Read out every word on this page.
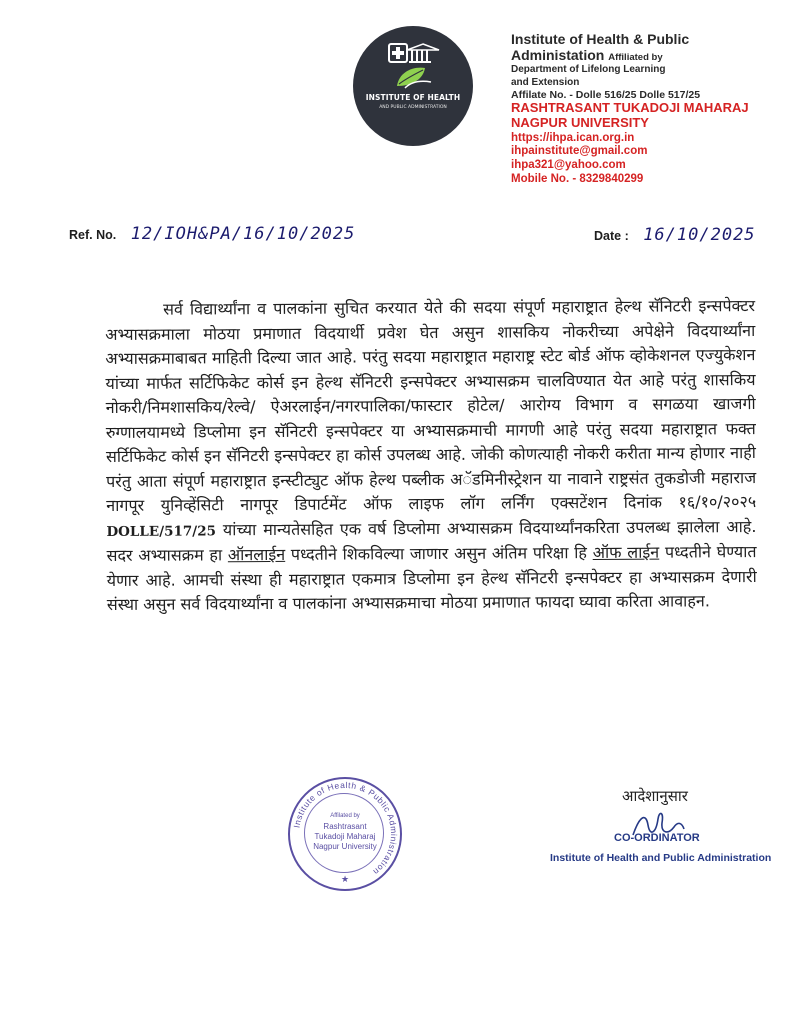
INSTITUTE OF HEALTH
AND PUBLIC ADMINISTRATION
Institute of Health & Public
Administation Affiliated by
Department of Lifelong Learning
and Extension
Affilate No. - Dolle 516/25 Dolle 517/25
RASHTRASANT TUKADOJI MAHARAJ
NAGPUR UNIVERSITY
https://ihpa.ican.org.in
ihpainstitute@gmail.com
ihpa321@yahoo.com
Mobile No. - 8329840299
Ref. No. 12/IOH&PA/16/10/2025	Date : 16/10/2025
सर्व विद्यार्थ्यांना व पालकांना सुचित करयात येते की सदया संपूर्ण महाराष्ट्रात हेल्थ सॅनिटरी इन्सपेक्टर अभ्यासक्रमाला मोठया प्रमाणात विदयार्थी प्रवेश घेत असुन शासकिय नोकरीच्या अपेक्षेने विदयार्थ्यांना अभ्यासक्रमाबाबत माहिती दिल्या जात आहे. परंतु सदया महाराष्ट्रात महाराष्ट्र स्टेट बोर्ड ऑफ व्होकेशनल एज्युकेशन यांच्या मार्फत सर्टिफिकेट कोर्स इन हेल्थ सॅनिटरी इन्सपेक्टर अभ्यासक्रम चालविण्यात येत आहे परंतु शासकिय नोकरी/निमशासकिय/रेल्वे/ ऐअरलाईन/नगरपालिका/फास्टार होटेल/ आरोग्य विभाग व सगळया खाजगी रुग्णालयामध्ये डिप्लोमा इन सॅनिटरी इन्सपेक्टर या अभ्यासक्रमाची मागणी आहे परंतु सदया महाराष्ट्रात फक्त सर्टिफिकेट कोर्स इन सॅनिटरी इन्सपेक्टर हा कोर्स उपलब्ध आहे. जोकी कोणत्याही नोकरी करीता मान्य होणार नाही परंतु आता संपूर्ण महाराष्ट्रात इन्स्टीट्युट ऑफ हेल्थ पब्लीक अॅडमिनीस्ट्रेशन या नावाने राष्ट्रसंत तुकडोजी महाराज नागपूर युनिव्हेंसिटी नागपूर डिपार्टमेंट ऑफ लाइफ लॉग लर्निंग एक्सटेंशन दिनांक १६/१०/२०२५ DOLLE/517/25 यांच्या मान्यतेसहित एक वर्ष डिप्लोमा अभ्यासक्रम विदयार्थ्यांनकरिता उपलब्ध झालेला आहे. सदर अभ्यासक्रम हा ऑनलाईन पध्दतीने शिकविल्या जाणार असुन अंतिम परिक्षा हि ऑफ लाईन पध्दतीने घेण्यात येणार आहे. आमची संस्था ही महाराष्ट्रात एकमात्र डिप्लोमा इन हेल्थ सॅनिटरी इन्सपेक्टर हा अभ्यासक्रम देणारी संस्था असुन सर्व विदयार्थ्यांना व पालकांना अभ्यासक्रमाचा मोठया प्रमाणात फायदा घ्यावा करिता आवाहन.
Institute of Health & Public Administration
Affilated by
Rashtrasant
Tukadoji Maharaj
Nagpur University
★
आदेशानुसार
CO-ORDINATOR
Institute of Health and Public Administration
